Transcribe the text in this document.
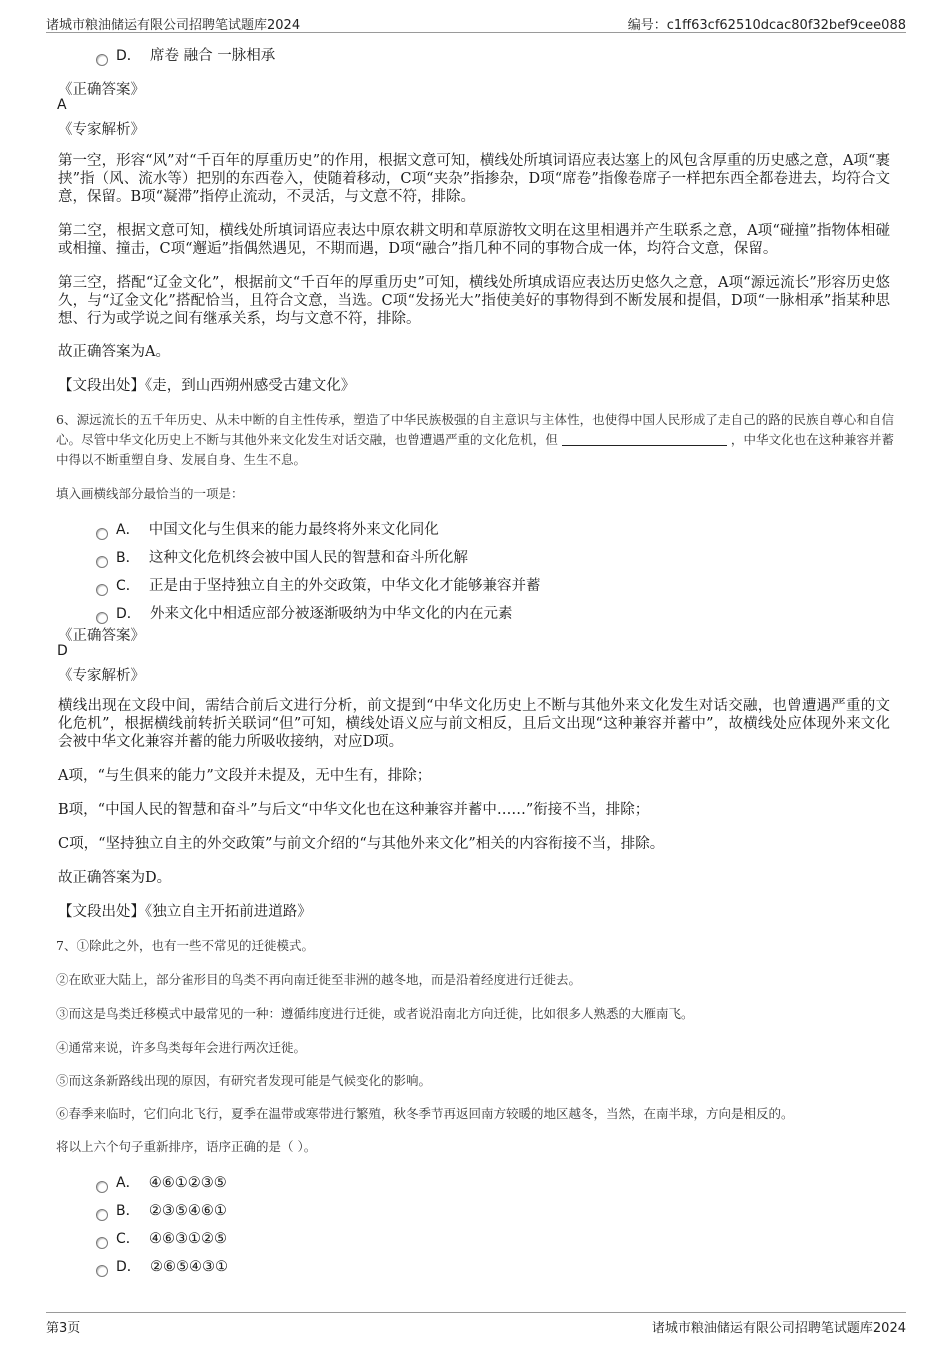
诸城市粮油储运有限公司招聘笔试题库2024	编号：c1ff63cf62510dcac80f32bef9cee088
D． 席卷 融合 一脉相承
《正确答案》
A
《专家解析》
第一空，形容“风”对“千百年的厚重历史”的作用，根据文意可知，横线处所填词语应表达塞上的风包含厚重的历史感之意，A项“裹挟”指（风、流水等）把别的东西卷入，使随着移动，C项“夹杂”指掺杂，D项“席卷”指像卷席子一样把东西全都卷进去，均符合文意，保留。B项“凝滞”指停止流动，不灵活，与文意不符，排除。
第二空，根据文意可知，横线处所填词语应表达中原农耕文明和草原游牧文明在这里相遇并产生联系之意，A项“碰撞”指物体相碰或相撞、撞击，C项“邂逅”指偶然遇见，不期而遇，D项“融合”指几种不同的事物合成一体，均符合文意，保留。
第三空，搭配“辽金文化”，根据前文“千百年的厚重历史”可知，横线处所填成语应表达历史悠久之意，A项“源远流长”形容历史悠久，与“辽金文化”搭配恰当，且符合文意，当选。C项“发扬光大”指使美好的事物得到不断发展和提倡，D项“一脉相承”指某种思想、行为或学说之间有继承关系，均与文意不符，排除。
故正确答案为A。
【文段出处】《走，到山西朔州感受古建文化》
6、源远流长的五千年历史、从未中断的自主性传承，塑造了中华民族极强的自主意识与主体性，也使得中国人民形成了走自己的路的民族自尊心和自信心。尽管中华文化历史上不断与其他外来文化发生对话交融，也曾遭遇严重的文化危机，但	，中华文化也在这种兼容并蓄中得以不断重塑自身、发展自身、生生不息。
填入画横线部分最恰当的一项是：
A． 中国文化与生俱来的能力最终将外来文化同化
B． 这种文化危机终会被中国人民的智慧和奋斗所化解
C． 正是由于坚持独立自主的外交政策，中华文化才能够兼容并蓄
D． 外来文化中相适应部分被逐渐吸纳为中华文化的内在元素
《正确答案》
D
《专家解析》
横线出现在文段中间，需结合前后文进行分析，前文提到“中华文化历史上不断与其他外来文化发生对话交融，也曾遭遇严重的文化危机”，根据横线前转折关联词“但”可知，横线处语义应与前文相反，且后文出现“这种兼容并蓄中”，故横线处应体现外来文化会被中华文化兼容并蓄的能力所吸收接纳，对应D项。
A项，“与生俱来的能力”文段并未提及，无中生有，排除；
B项，“中国人民的智慧和奋斗”与后文“中华文化也在这种兼容并蓄中……”衔接不当，排除；
C项，“坚持独立自主的外交政策”与前文介绍的“与其他外来文化”相关的内容衔接不当，排除。
故正确答案为D。
【文段出处】《独立自主开拓前进道路》
7、①除此之外，也有一些不常见的迁徙模式。
②在欧亚大陆上，部分雀形目的鸟类不再向南迁徙至非洲的越冬地，而是沿着经度进行迁徙去。
③而这是鸟类迁移模式中最常见的一种：遵循纬度进行迁徙，或者说沿南北方向迁徙，比如很多人熟悉的大雁南飞。
④通常来说，许多鸟类每年会进行两次迁徙。
⑤而这条新路线出现的原因，有研究者发现可能是气候变化的影响。
⑥春季来临时，它们向北飞行，夏季在温带或寒带进行繁殖，秋冬季节再返回南方较暖的地区越冬，当然，在南半球，方向是相反的。
将以上六个句子重新排序，语序正确的是（ ）。
A． ④⑥①②③⑤
B． ②③⑤④⑥①
C． ④⑥③①②⑤
D． ②⑥⑤④③①
第3页	诸城市粮油储运有限公司招聘笔试题库2024
